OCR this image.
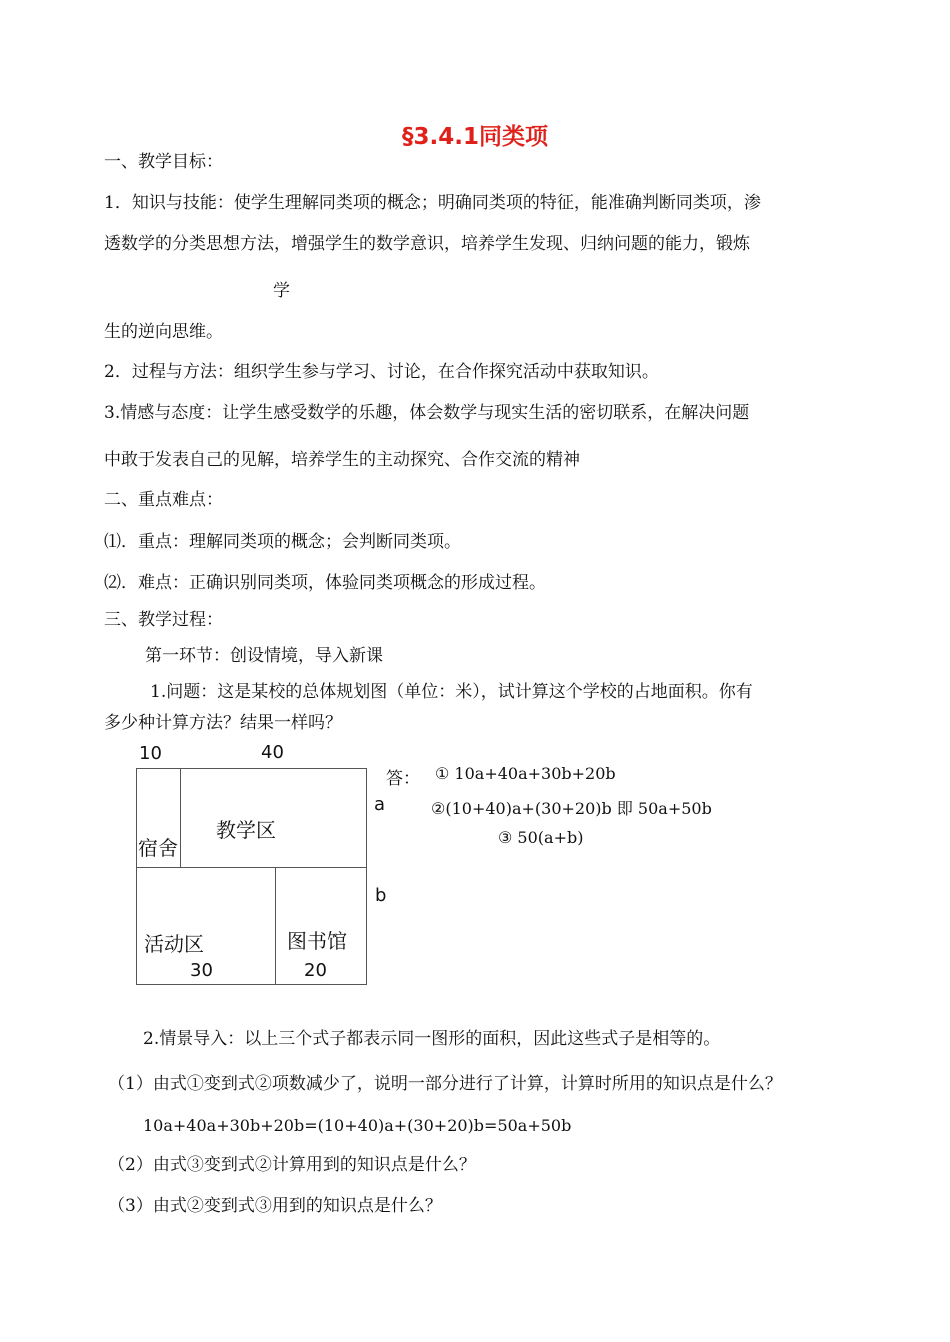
§3.4.1同类项
一、教学目标：
1．知识与技能：使学生理解同类项的概念；明确同类项的特征，能准确判断同类项，渗
透数学的分类思想方法，增强学生的数学意识，培养学生发现、归纳问题的能力，锻炼
学
生的逆向思维。
2．过程与方法：组织学生参与学习、讨论，在合作探究活动中获取知识。
3.情感与态度：让学生感受数学的乐趣，体会数学与现实生活的密切联系，在解决问题
中敢于发表自己的见解，培养学生的主动探究、合作交流的精神
二、重点难点：
⑴．重点：理解同类项的概念；会判断同类项。
⑵．难点：正确识别同类项，体验同类项概念的形成过程。
三、教学过程：
第一环节：创设情境，导入新课
1.问题：这是某校的总体规划图（单位：米），试计算这个学校的占地面积。你有
多少种计算方法？结果一样吗？
10	40
宿舍
教学区
活动区	图书馆
a
b
30	20
答： ① 10a+40a+30b+20b
②(10+40)a+(30+20)b 即 50a+50b
③ 50(a+b)
2.情景导入：以上三个式子都表示同一图形的面积，因此这些式子是相等的。
（1）由式①变到式②项数减少了，说明一部分进行了计算，计算时所用的知识点是什么？
10a+40a+30b+20b=(10+40)a+(30+20)b=50a+50b
（2）由式③变到式②计算用到的知识点是什么？
（3）由式②变到式③用到的知识点是什么？
